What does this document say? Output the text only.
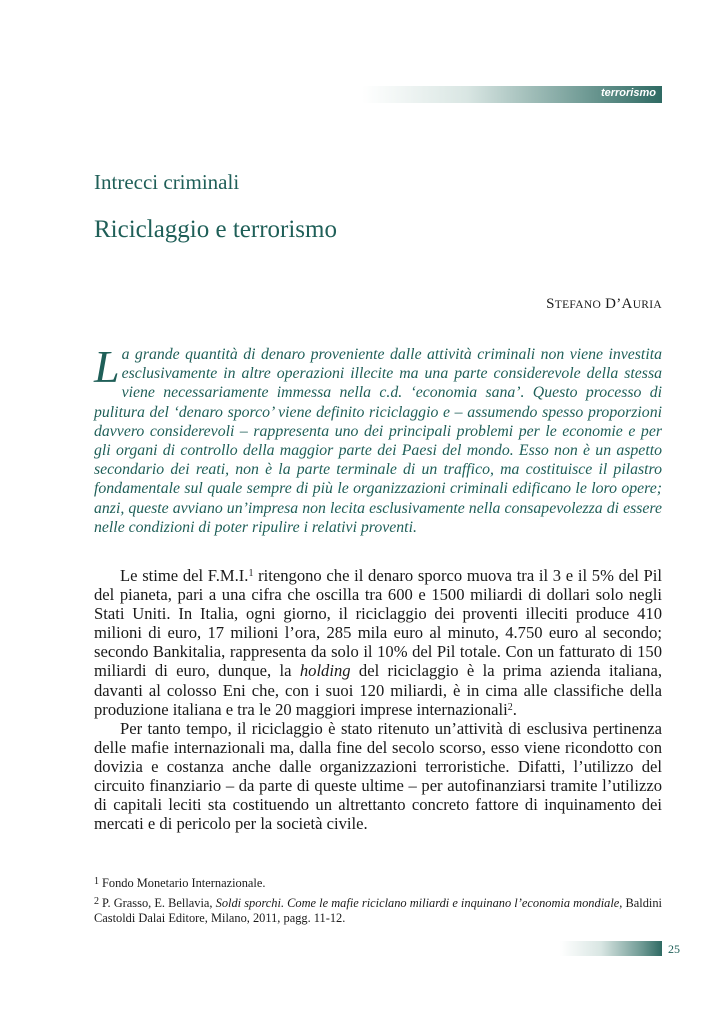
terrorismo
Intrecci criminali
Riciclaggio e terrorismo
STEFANO D’AURIA
La grande quantità di denaro proveniente dalle attività criminali non viene investita esclusivamente in altre operazioni illecite ma una parte considerevole della stessa viene necessariamente immessa nella c.d. ‘economia sana’. Questo processo di pulitura del ‘denaro sporco’ viene definito riciclaggio e – assumendo spesso proporzioni davvero considerevoli – rappresenta uno dei principali problemi per le economie e per gli organi di controllo della maggior parte dei Paesi del mondo. Esso non è un aspetto secondario dei reati, non è la parte terminale di un traffico, ma costituisce il pilastro fondamentale sul quale sempre di più le organizzazioni criminali edificano le loro opere; anzi, queste avviano un’impresa non lecita esclusivamente nella consapevolezza di essere nelle condizioni di poter ripulire i relativi proventi.

Le stime del F.M.I.$^1$ ritengono che il denaro sporco muova tra il 3 e il 5% del Pil del pianeta, pari a una cifra che oscilla tra 600 e 1500 miliardi di dollari solo negli Stati Uniti. In Italia, ogni giorno, il riciclaggio dei proventi illeciti produce 410 milioni di euro, 17 milioni l’ora, 285 mila euro al minuto, 4.750 euro al secondo; secondo Bankitalia, rappresenta da solo il 10% del Pil totale. Con un fatturato di 150 miliardi di euro, dunque, la holding del riciclaggio è la prima azienda italiana, davanti al colosso Eni che, con i suoi 120 miliardi, è in cima alle classifiche della produzione italiana e tra le 20 maggiori imprese internazionali$^2$.

Per tanto tempo, il riciclaggio è stato ritenuto un’attività di esclusiva pertinenza delle mafie internazionali ma, dalla fine del secolo scorso, esso viene ricondotto con dovizia e costanza anche dalle organizzazioni terroristiche. Difatti, l’utilizzo del circuito finanziario – da parte di queste ultime – per autofinanziarsi tramite l’utilizzo di capitali leciti sta costituendo un altrettanto concreto fattore di inquinamento dei mercati e di pericolo per la società civile.

$^1$ Fondo Monetario Internazionale.
$^2$ P. Grasso, E. Bellavia, Soldi sporchi. Come le mafie riciclano miliardi e inquinano l’economia mondiale, Baldini Castoldi Dalai Editore, Milano, 2011, pagg. 11-12.
25
